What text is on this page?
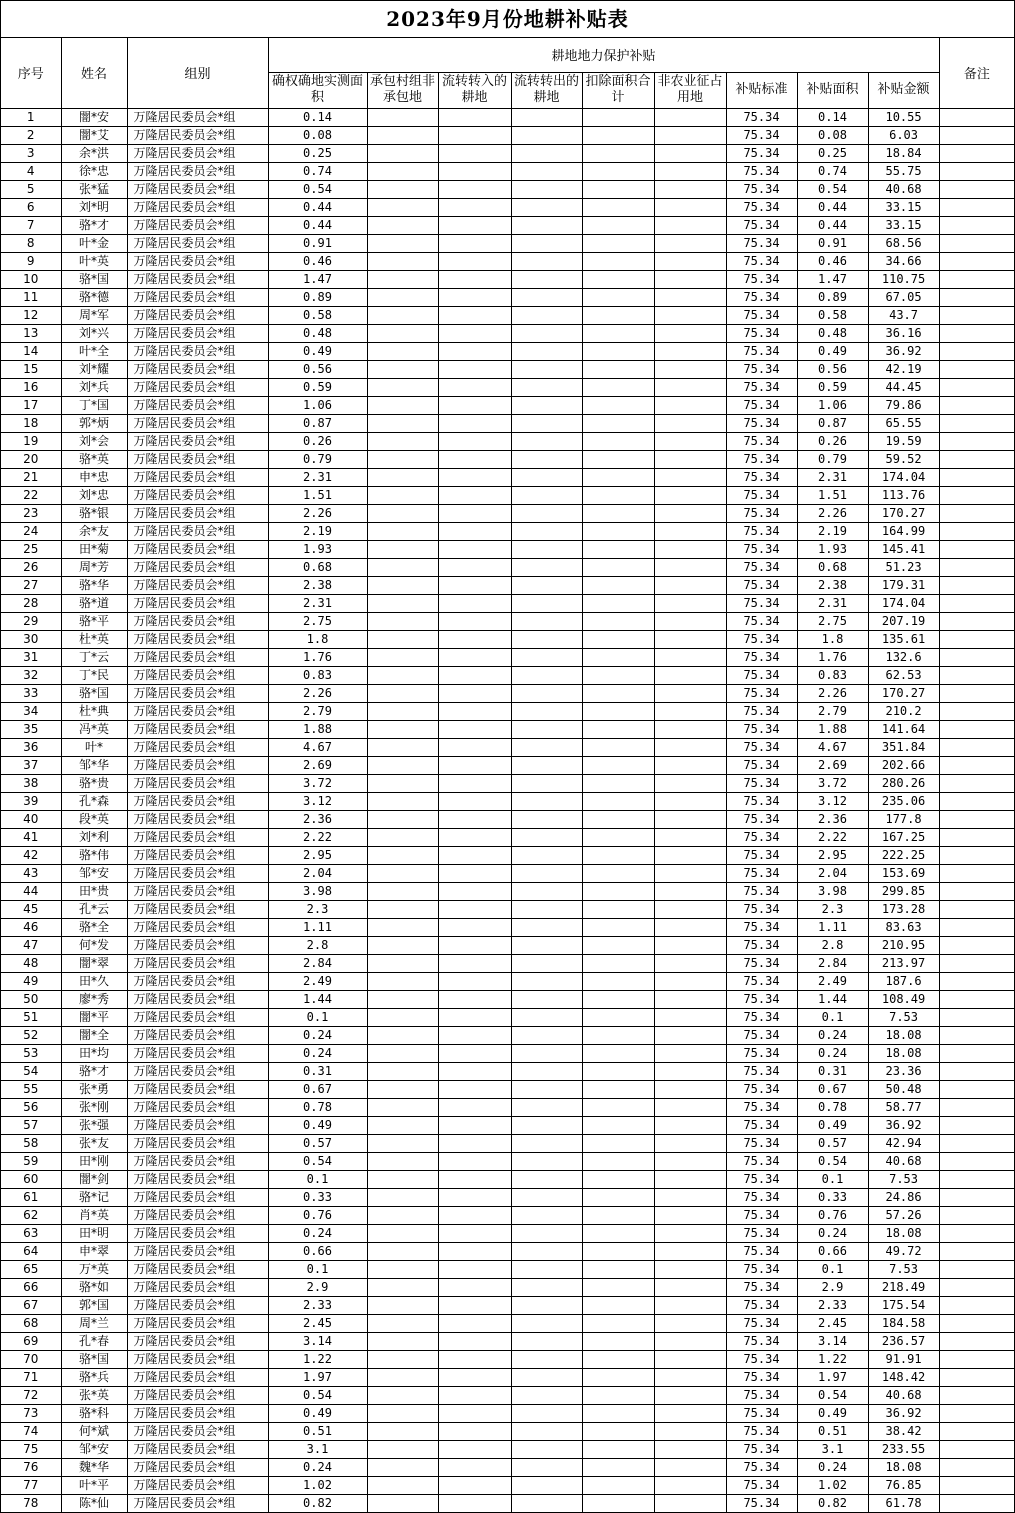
2023年9月份地耕补贴表
序号	姓名	组别	耕地地力保护补贴									备注
			确权确地实测面积	承包村组非承包地	流转转入的耕地	流转转出的耕地	扣除面积合计	非农业征占用地	补贴标准	补贴面积	补贴金额	
1	闇*安	万隆居民委员会*组	0.14						75.34	0.14	10.55	
2	闇*艾	万隆居民委员会*组	0.08						75.34	0.08	6.03	
3	余*洪	万隆居民委员会*组	0.25						75.34	0.25	18.84	
4	徐*忠	万隆居民委员会*组	0.74						75.34	0.74	55.75	
5	张*猛	万隆居民委员会*组	0.54						75.34	0.54	40.68	
6	刘*明	万隆居民委员会*组	0.44						75.34	0.44	33.15	
7	骆*才	万隆居民委员会*组	0.44						75.34	0.44	33.15	
8	叶*金	万隆居民委员会*组	0.91						75.34	0.91	68.56	
9	叶*英	万隆居民委员会*组	0.46						75.34	0.46	34.66	
10	骆*国	万隆居民委员会*组	1.47						75.34	1.47	110.75	
11	骆*德	万隆居民委员会*组	0.89						75.34	0.89	67.05	
12	周*军	万隆居民委员会*组	0.58						75.34	0.58	43.7	
13	刘*兴	万隆居民委员会*组	0.48						75.34	0.48	36.16	
14	叶*全	万隆居民委员会*组	0.49						75.34	0.49	36.92	
15	刘*耀	万隆居民委员会*组	0.56						75.34	0.56	42.19	
16	刘*兵	万隆居民委员会*组	0.59						75.34	0.59	44.45	
17	丁*国	万隆居民委员会*组	1.06						75.34	1.06	79.86	
18	郭*炳	万隆居民委员会*组	0.87						75.34	0.87	65.55	
19	刘*会	万隆居民委员会*组	0.26						75.34	0.26	19.59	
20	骆*英	万隆居民委员会*组	0.79						75.34	0.79	59.52	
21	申*忠	万隆居民委员会*组	2.31						75.34	2.31	174.04	
22	刘*忠	万隆居民委员会*组	1.51						75.34	1.51	113.76	
23	骆*银	万隆居民委员会*组	2.26						75.34	2.26	170.27	
24	余*友	万隆居民委员会*组	2.19						75.34	2.19	164.99	
25	田*菊	万隆居民委员会*组	1.93						75.34	1.93	145.41	
26	周*芳	万隆居民委员会*组	0.68						75.34	0.68	51.23	
27	骆*华	万隆居民委员会*组	2.38						75.34	2.38	179.31	
28	骆*道	万隆居民委员会*组	2.31						75.34	2.31	174.04	
29	骆*平	万隆居民委员会*组	2.75						75.34	2.75	207.19	
30	杜*英	万隆居民委员会*组	1.8						75.34	1.8	135.61	
31	丁*云	万隆居民委员会*组	1.76						75.34	1.76	132.6	
32	丁*民	万隆居民委员会*组	0.83						75.34	0.83	62.53	
33	骆*国	万隆居民委员会*组	2.26						75.34	2.26	170.27	
34	杜*典	万隆居民委员会*组	2.79						75.34	2.79	210.2	
35	冯*英	万隆居民委员会*组	1.88						75.34	1.88	141.64	
36	叶*	万隆居民委员会*组	4.67						75.34	4.67	351.84	
37	邹*华	万隆居民委员会*组	2.69						75.34	2.69	202.66	
38	骆*贵	万隆居民委员会*组	3.72						75.34	3.72	280.26	
39	孔*森	万隆居民委员会*组	3.12						75.34	3.12	235.06	
40	段*英	万隆居民委员会*组	2.36						75.34	2.36	177.8	
41	刘*利	万隆居民委员会*组	2.22						75.34	2.22	167.25	
42	骆*伟	万隆居民委员会*组	2.95						75.34	2.95	222.25	
43	邹*安	万隆居民委员会*组	2.04						75.34	2.04	153.69	
44	田*贵	万隆居民委员会*组	3.98						75.34	3.98	299.85	
45	孔*云	万隆居民委员会*组	2.3						75.34	2.3	173.28	
46	骆*全	万隆居民委员会*组	1.11						75.34	1.11	83.63	
47	何*发	万隆居民委员会*组	2.8						75.34	2.8	210.95	
48	闇*翠	万隆居民委员会*组	2.84						75.34	2.84	213.97	
49	田*久	万隆居民委员会*组	2.49						75.34	2.49	187.6	
50	廖*秀	万隆居民委员会*组	1.44						75.34	1.44	108.49	
51	闇*平	万隆居民委员会*组	0.1						75.34	0.1	7.53	
52	闇*全	万隆居民委员会*组	0.24						75.34	0.24	18.08	
53	田*均	万隆居民委员会*组	0.24						75.34	0.24	18.08	
54	骆*才	万隆居民委员会*组	0.31						75.34	0.31	23.36	
55	张*勇	万隆居民委员会*组	0.67						75.34	0.67	50.48	
56	张*刚	万隆居民委员会*组	0.78						75.34	0.78	58.77	
57	张*强	万隆居民委员会*组	0.49						75.34	0.49	36.92	
58	张*友	万隆居民委员会*组	0.57						75.34	0.57	42.94	
59	田*刚	万隆居民委员会*组	0.54						75.34	0.54	40.68	
60	闇*剑	万隆居民委员会*组	0.1						75.34	0.1	7.53	
61	骆*记	万隆居民委员会*组	0.33						75.34	0.33	24.86	
62	肖*英	万隆居民委员会*组	0.76						75.34	0.76	57.26	
63	田*明	万隆居民委员会*组	0.24						75.34	0.24	18.08	
64	申*翠	万隆居民委员会*组	0.66						75.34	0.66	49.72	
65	万*英	万隆居民委员会*组	0.1						75.34	0.1	7.53	
66	骆*如	万隆居民委员会*组	2.9						75.34	2.9	218.49	
67	郭*国	万隆居民委员会*组	2.33						75.34	2.33	175.54	
68	周*兰	万隆居民委员会*组	2.45						75.34	2.45	184.58	
69	孔*春	万隆居民委员会*组	3.14						75.34	3.14	236.57	
70	骆*国	万隆居民委员会*组	1.22						75.34	1.22	91.91	
71	骆*兵	万隆居民委员会*组	1.97						75.34	1.97	148.42	
72	张*英	万隆居民委员会*组	0.54						75.34	0.54	40.68	
73	骆*科	万隆居民委员会*组	0.49						75.34	0.49	36.92	
74	何*斌	万隆居民委员会*组	0.51						75.34	0.51	38.42	
75	邹*安	万隆居民委员会*组	3.1						75.34	3.1	233.55	
76	魏*华	万隆居民委员会*组	0.24						75.34	0.24	18.08	
77	叶*平	万隆居民委员会*组	1.02						75.34	1.02	76.85	
78	陈*仙	万隆居民委员会*组	0.82						75.34	0.82	61.78	
